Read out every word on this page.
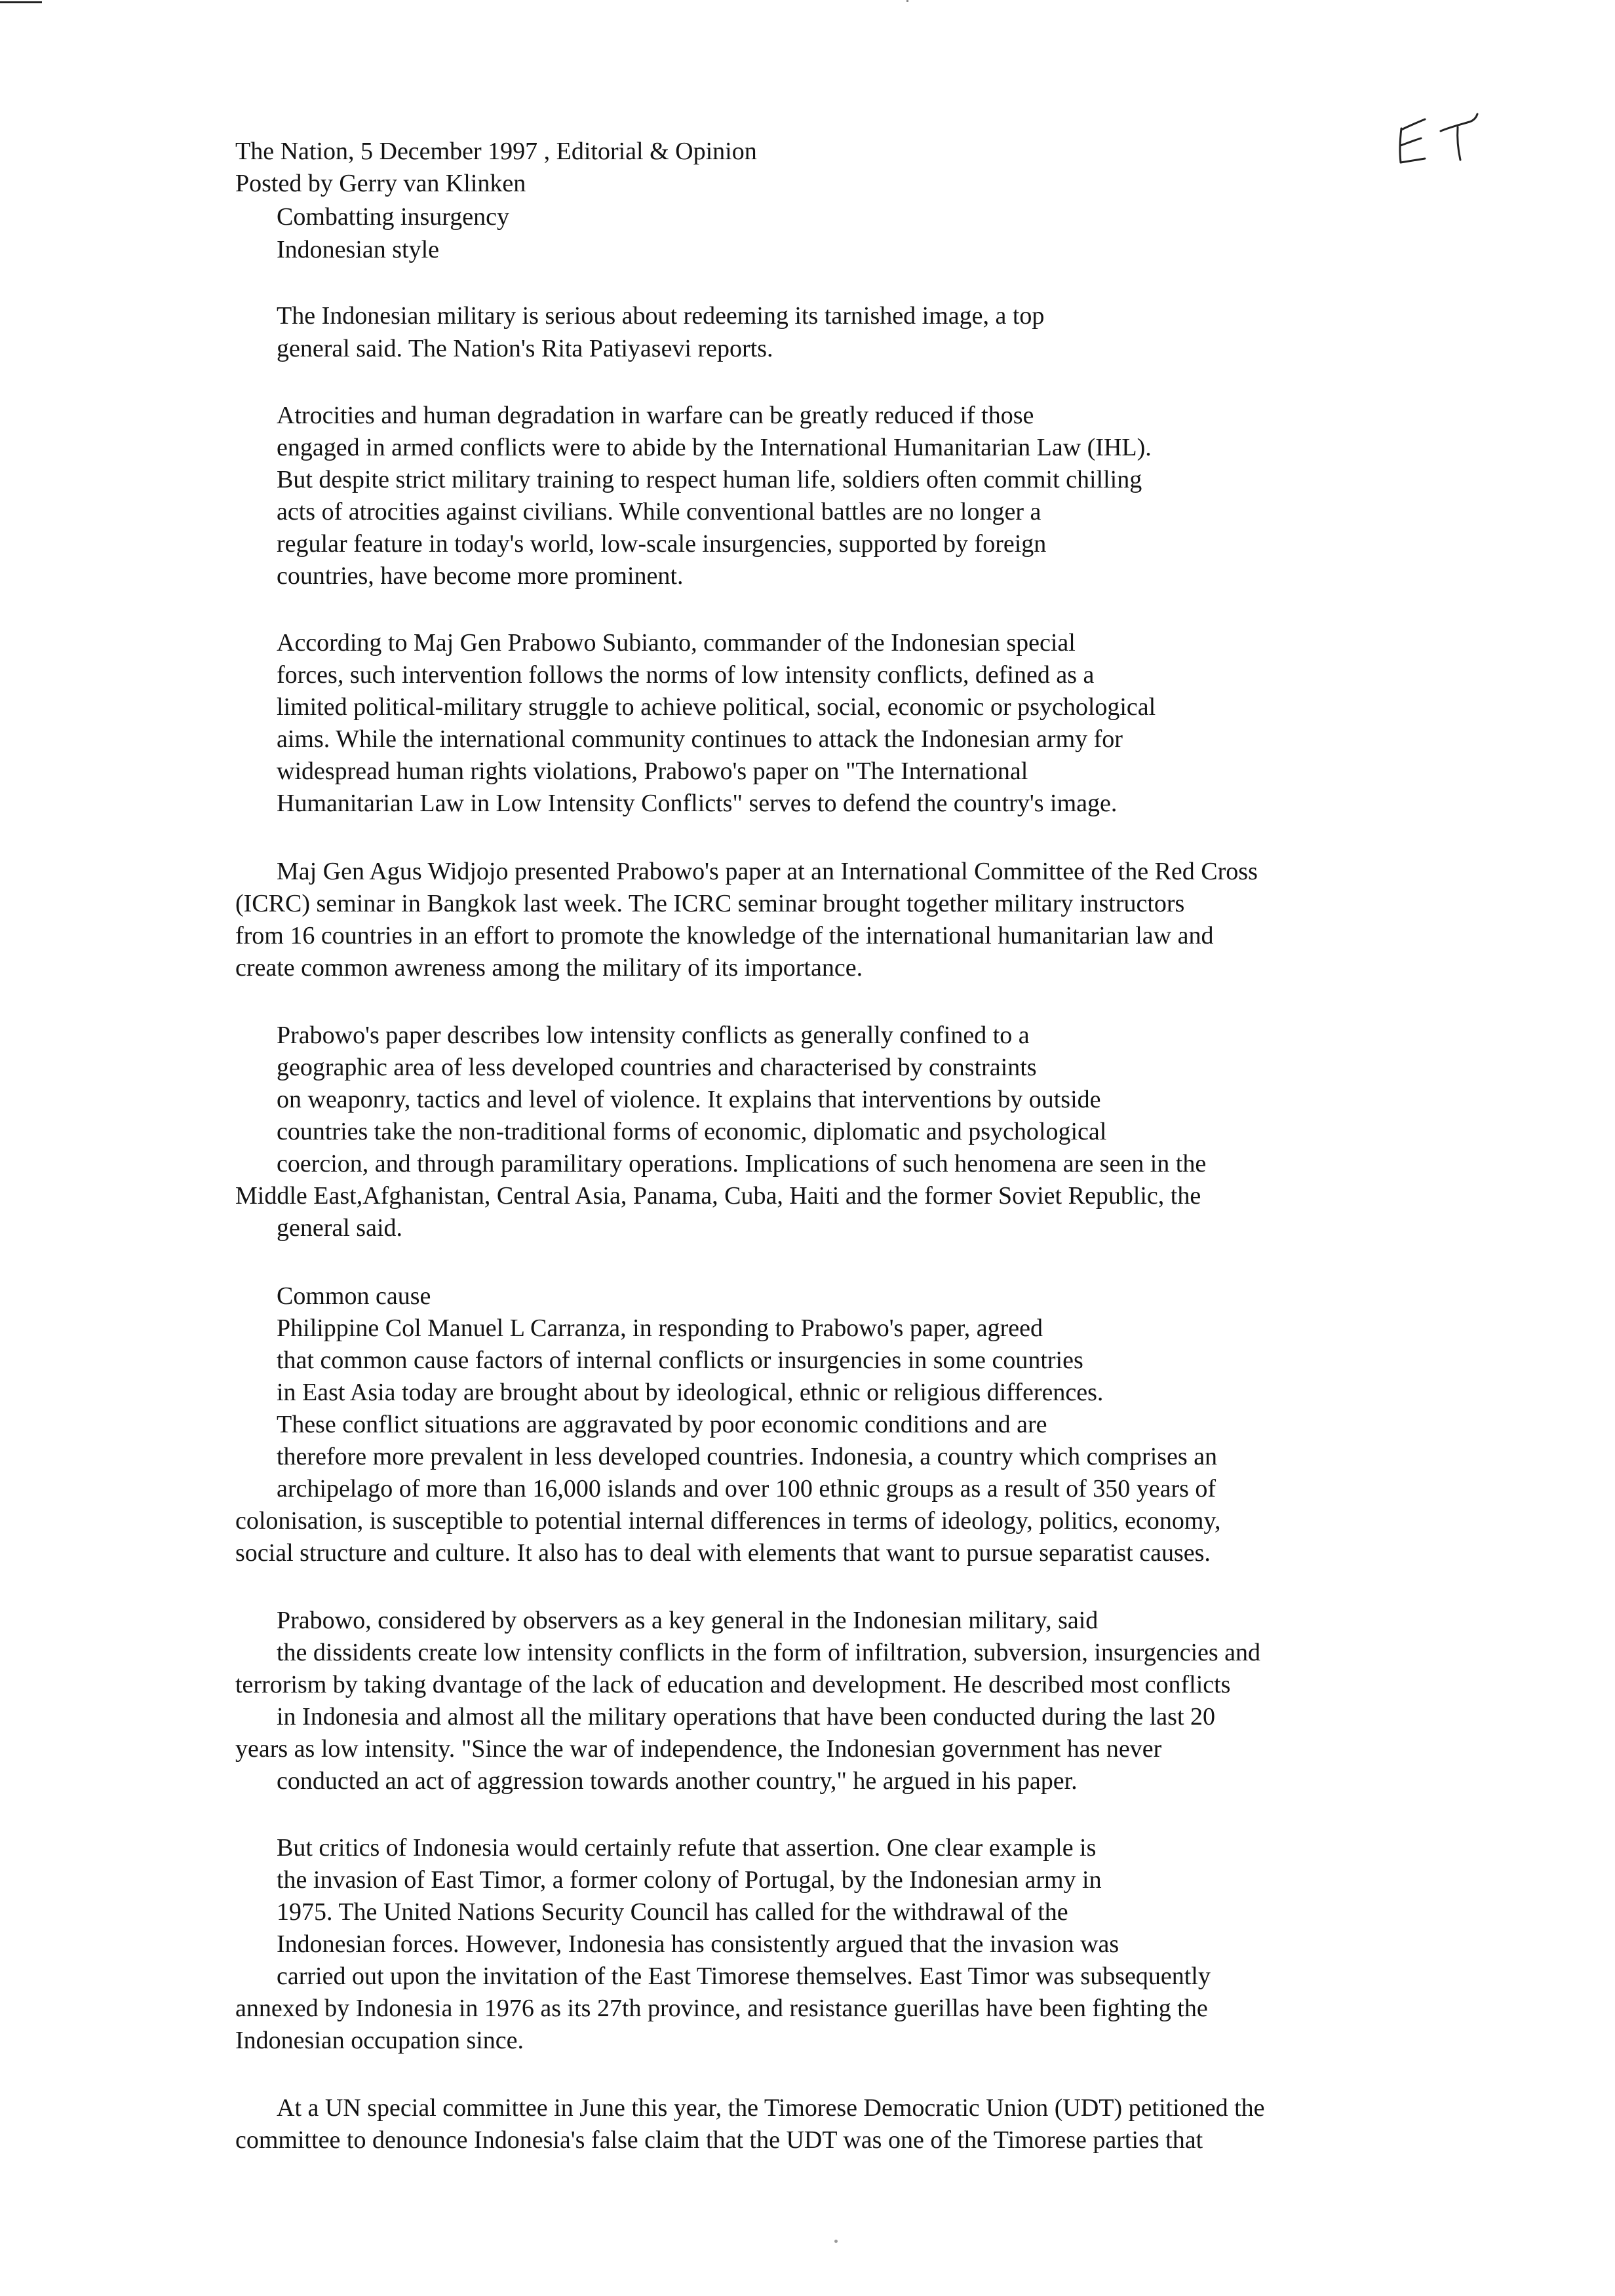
The Nation, 5 December 1997 , Editorial & Opinion
Posted by Gerry van Klinken
Combatting insurgency
Indonesian style
The Indonesian military is serious about redeeming its tarnished image, a top
general said. The Nation's Rita Patiyasevi reports.
Atrocities and human degradation in warfare can be greatly reduced if those
engaged in armed conflicts were to abide by the International Humanitarian Law (IHL).
But despite strict military training to respect human life, soldiers often commit chilling
acts of atrocities against civilians. While conventional battles are no longer a
regular feature in today's world, low-scale insurgencies, supported by foreign
countries, have become more prominent.
According to Maj Gen Prabowo Subianto, commander of the Indonesian special
forces, such intervention follows the norms of low intensity conflicts, defined as a
limited political-military struggle to achieve political, social, economic or psychological
aims. While the international community continues to attack the Indonesian army for
widespread human rights violations, Prabowo's paper on "The International
Humanitarian Law in Low Intensity Conflicts" serves to defend the country's image.
Maj Gen Agus Widjojo presented Prabowo's paper at an International Committee of the Red Cross
(ICRC) seminar in Bangkok last week. The ICRC seminar brought together military instructors
from 16 countries in an effort to promote the knowledge of the international humanitarian law and
create common awreness among the military of its importance.
Prabowo's paper describes low intensity conflicts as generally confined to a
geographic area of less developed countries and characterised by constraints
on weaponry, tactics and level of violence. It explains that interventions by outside
countries take the non-traditional forms of economic, diplomatic and psychological
coercion, and through paramilitary operations. Implications of such henomena are seen in the
Middle East,Afghanistan, Central Asia, Panama, Cuba, Haiti and the former Soviet Republic, the
general said.
Common cause
Philippine Col Manuel L Carranza, in responding to Prabowo's paper, agreed
that common cause factors of internal conflicts or insurgencies in some countries
in East Asia today are brought about by ideological, ethnic or religious differences.
These conflict situations are aggravated by poor economic conditions and are
therefore more prevalent in less developed countries. Indonesia, a country which comprises an
archipelago of more than 16,000 islands and over 100 ethnic groups as a result of 350 years of
colonisation, is susceptible to potential internal differences in terms of ideology, politics, economy,
social structure and culture. It also has to deal with elements that want to pursue separatist causes.
Prabowo, considered by observers as a key general in the Indonesian military, said
the dissidents create low intensity conflicts in the form of infiltration, subversion, insurgencies and
terrorism by taking dvantage of the lack of education and development. He described most conflicts
in Indonesia and almost all the military operations that have been conducted during the last 20
years as low intensity. "Since the war of independence, the Indonesian government has never
conducted an act of aggression towards another country," he argued in his paper.
But critics of Indonesia would certainly refute that assertion. One clear example is
the invasion of East Timor, a former colony of Portugal, by the Indonesian army in
1975. The United Nations Security Council has called for the withdrawal of the
Indonesian forces. However, Indonesia has consistently argued that the invasion was
carried out upon the invitation of the East Timorese themselves. East Timor was subsequently
annexed by Indonesia in 1976 as its 27th province, and resistance guerillas have been fighting the
Indonesian occupation since.
At a UN special committee in June this year, the Timorese Democratic Union (UDT) petitioned the
committee to denounce Indonesia's false claim that the UDT was one of the Timorese parties that
